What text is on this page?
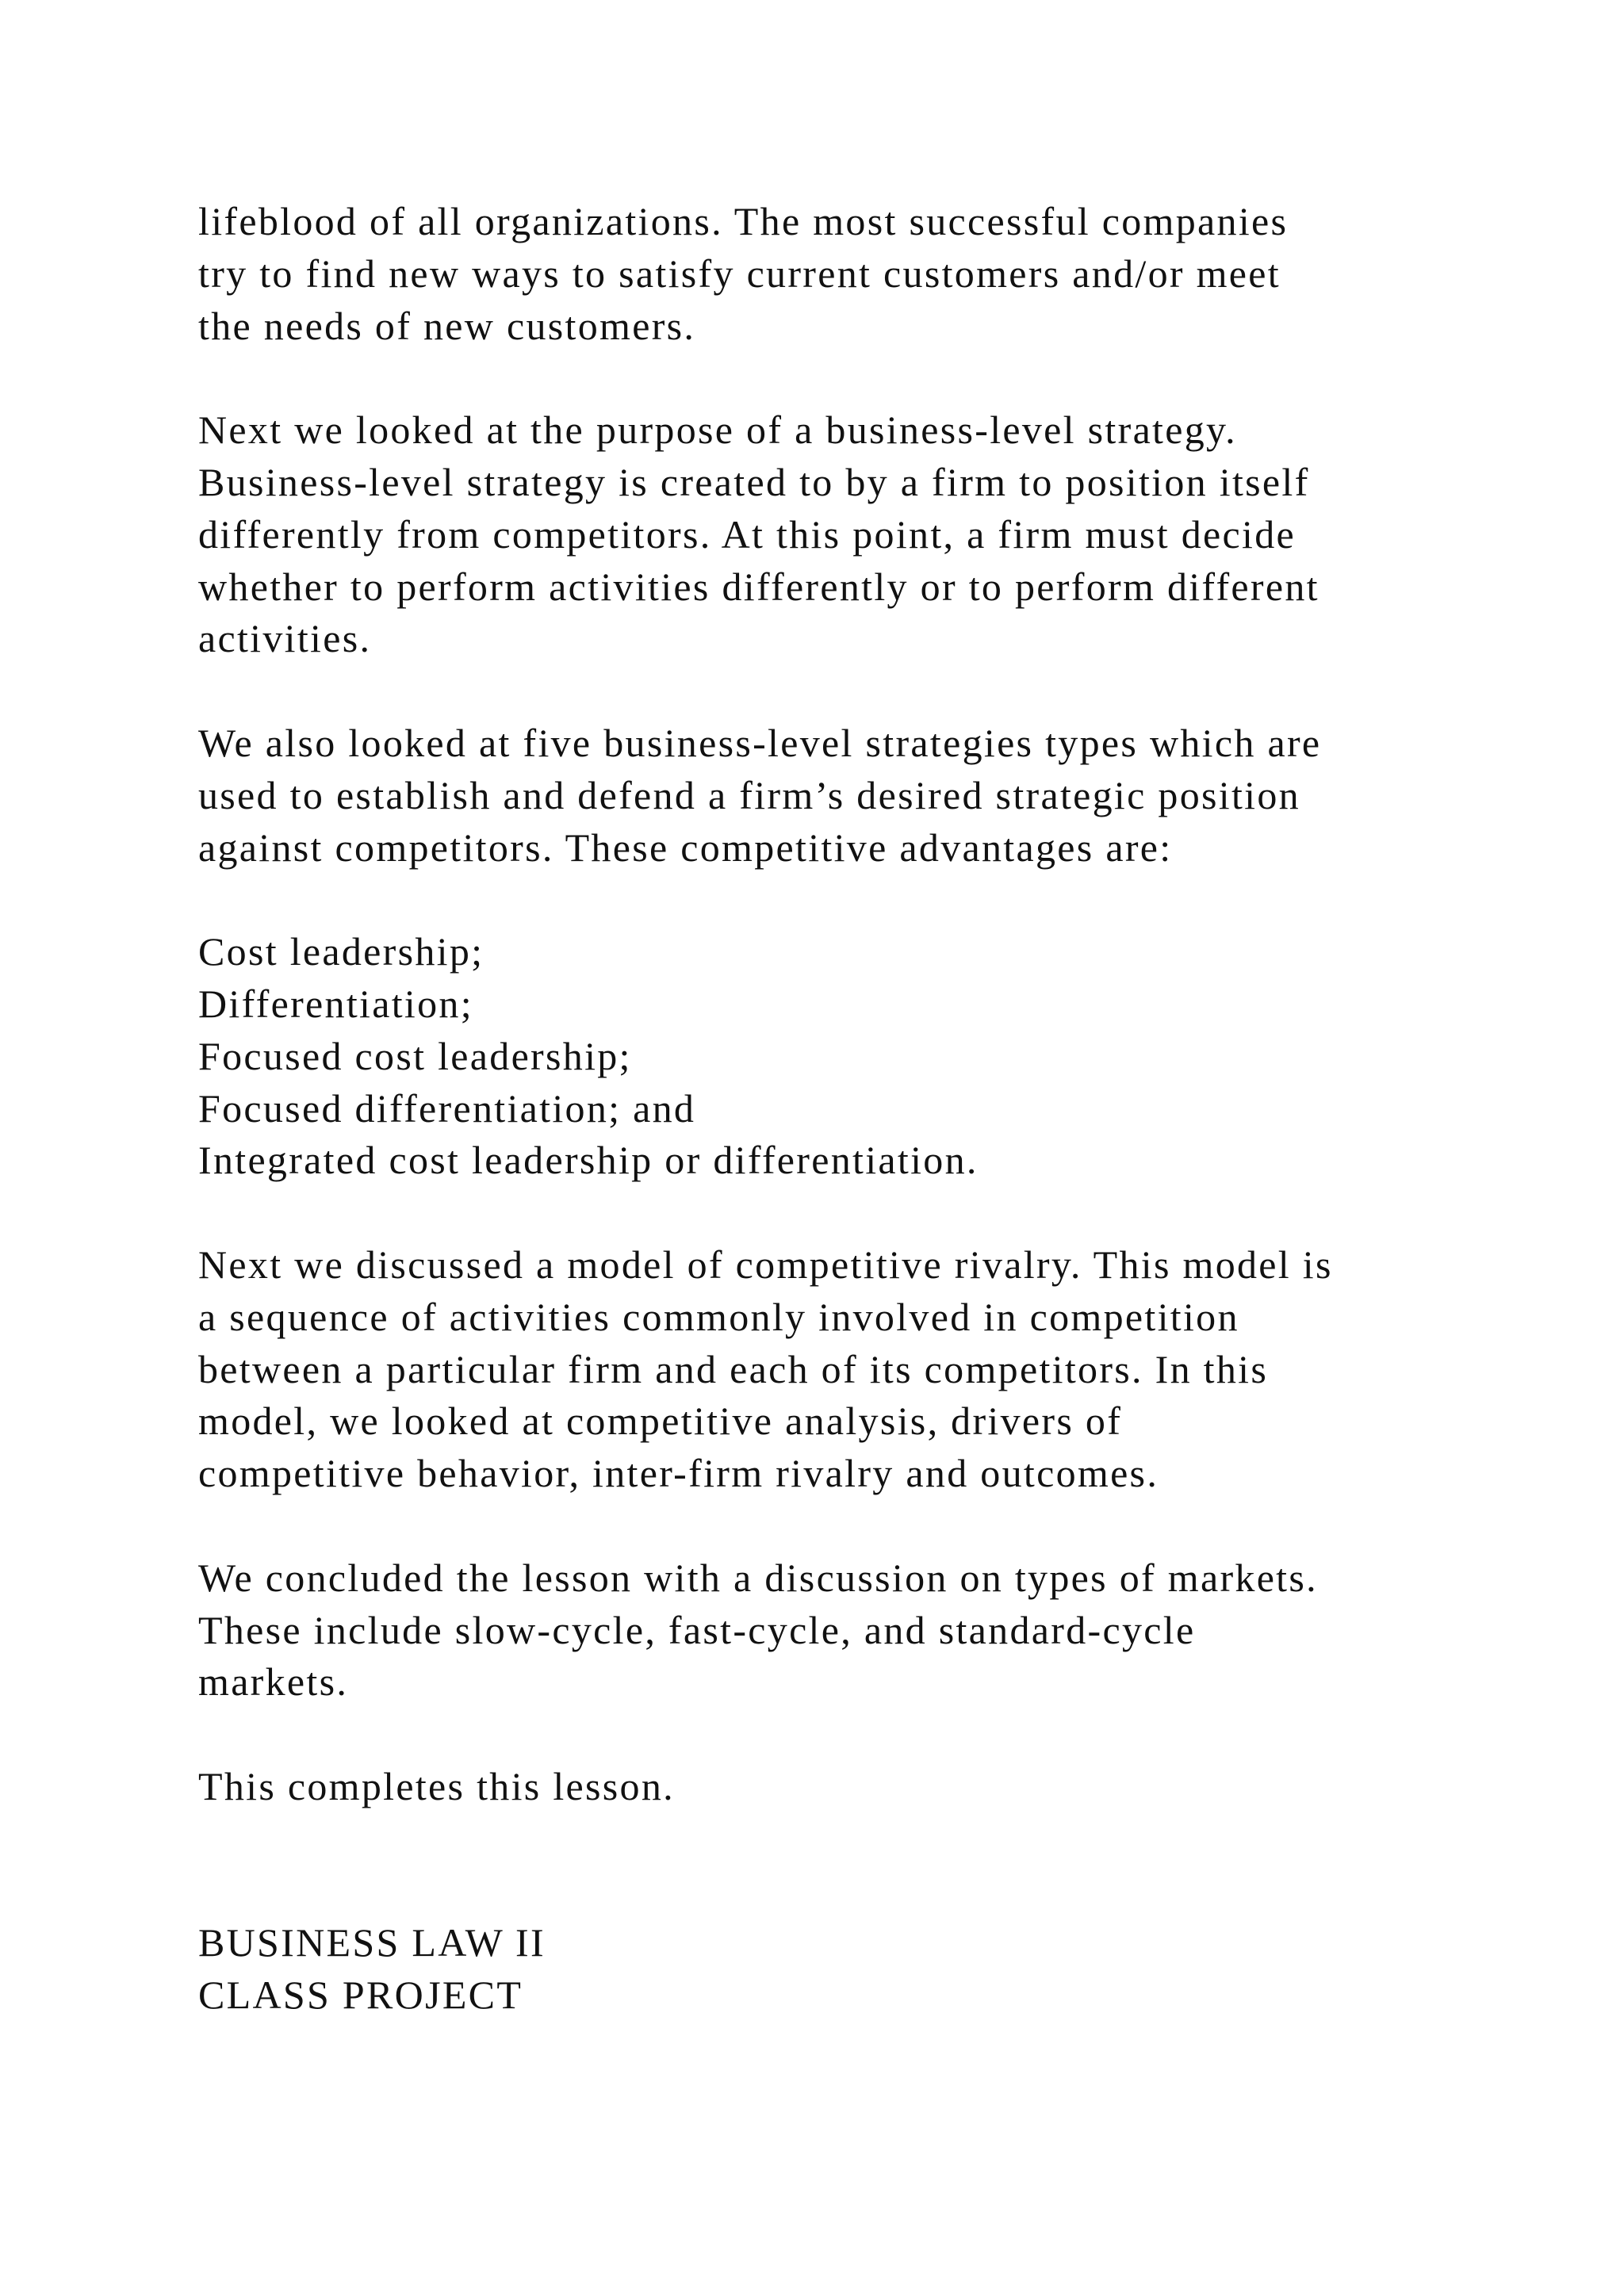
lifeblood of all organizations. The most successful companies
try to find new ways to satisfy current customers and/or meet
the needs of new customers.

Next we looked at the purpose of a business-level strategy.
Business-level strategy is created to by a firm to position itself
differently from competitors. At this point, a firm must decide
whether to perform activities differently or to perform different
activities.

We also looked at five business-level strategies types which are
used to establish and defend a firm’s desired strategic position
against competitors. These competitive advantages are:

Cost leadership;
Differentiation;
Focused cost leadership;
Focused differentiation; and
Integrated cost leadership or differentiation.

Next we discussed a model of competitive rivalry. This model is
a sequence of activities commonly involved in competition
between a particular firm and each of its competitors. In this
model, we looked at competitive analysis, drivers of
competitive behavior, inter-firm rivalry and outcomes.

We concluded the lesson with a discussion on types of markets.
These include slow-cycle, fast-cycle, and standard-cycle
markets.

This completes this lesson.

BUSINESS LAW II
CLASS PROJECT
